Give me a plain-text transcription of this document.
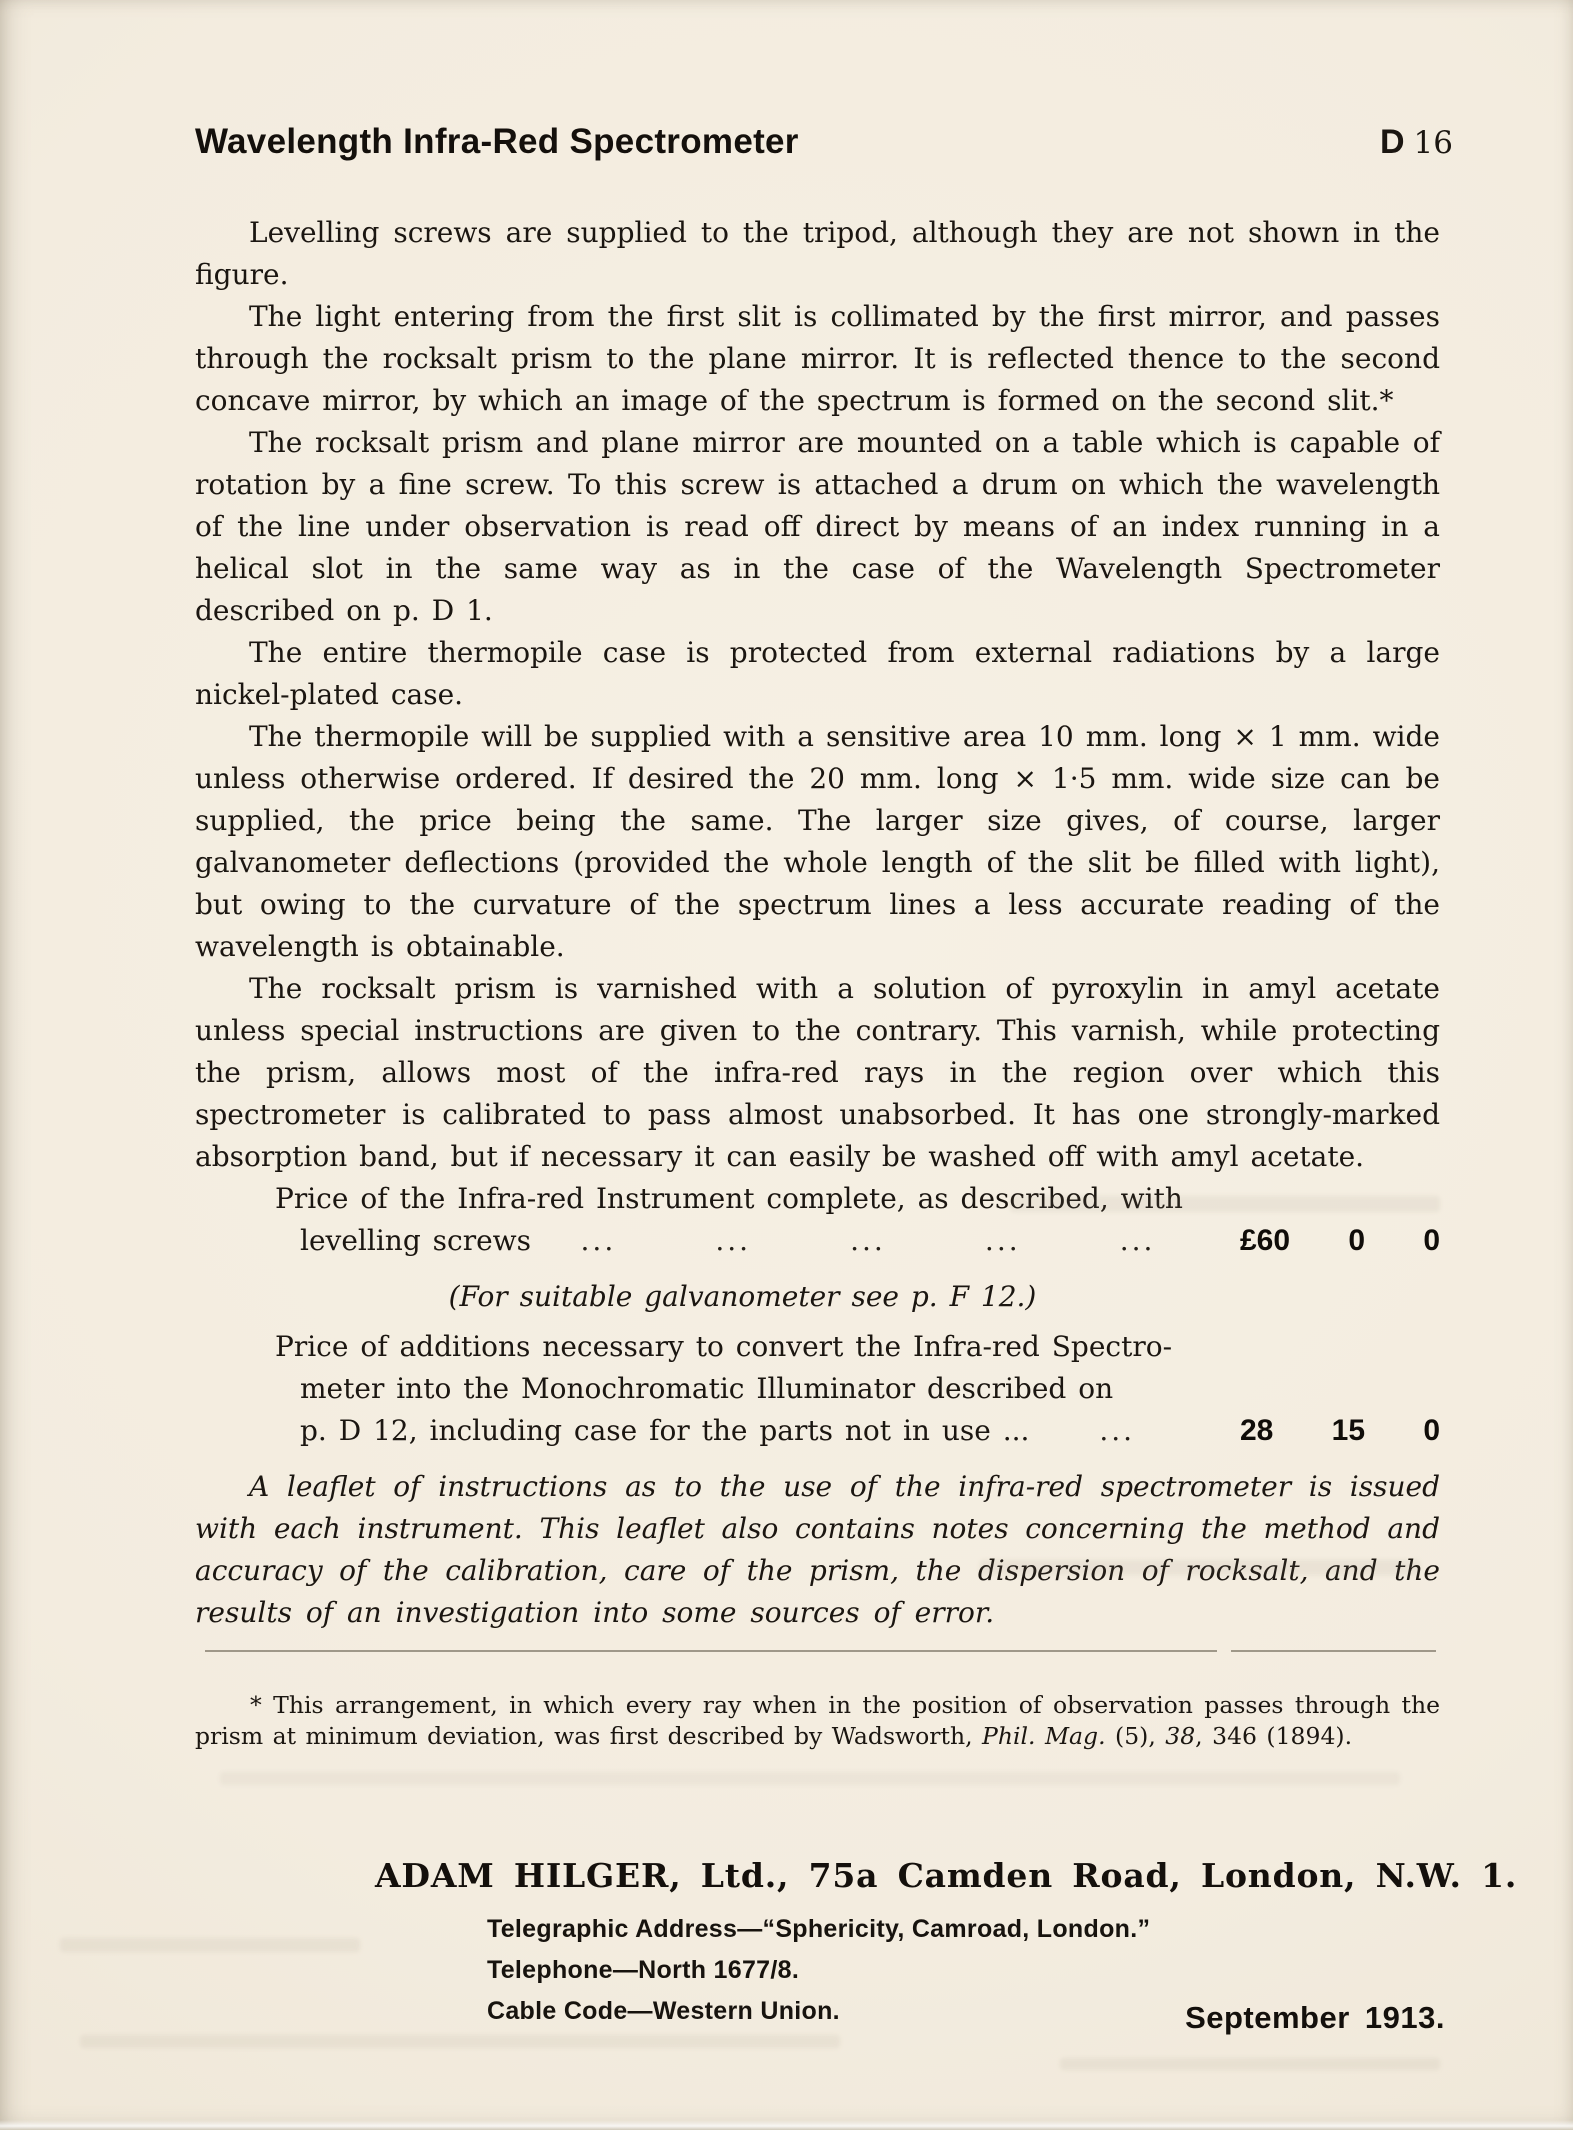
Wavelength Infra-Red Spectrometer	D 16

Levelling screws are supplied to the tripod, although they are not shown in the figure.

The light entering from the first slit is collimated by the first mirror, and passes through the rocksalt prism to the plane mirror. It is reflected thence to the second concave mirror, by which an image of the spectrum is formed on the second slit.*

The rocksalt prism and plane mirror are mounted on a table which is capable of rotation by a fine screw. To this screw is attached a drum on which the wavelength of the line under observation is read off direct by means of an index running in a helical slot in the same way as in the case of the Wavelength Spectrometer described on p. D 1.

The entire thermopile case is protected from external radiations by a large nickel-plated case.

The thermopile will be supplied with a sensitive area 10 mm. long × 1 mm. wide unless otherwise ordered. If desired the 20 mm. long × 1·5 mm. wide size can be supplied, the price being the same. The larger size gives, of course, larger galvanometer deflections (provided the whole length of the slit be filled with light), but owing to the curvature of the spectrum lines a less accurate reading of the wavelength is obtainable.

The rocksalt prism is varnished with a solution of pyroxylin in amyl acetate unless special instructions are given to the contrary. This varnish, while protecting the prism, allows most of the infra-red rays in the region over which this spectrometer is calibrated to pass almost unabsorbed. It has one strongly-marked absorption band, but if necessary it can easily be washed off with amyl acetate.

Price of the Infra-red Instrument complete, as described, with
levelling screws	...	...	...	...	...	£60 0 0
(For suitable galvanometer see p. F 12.)
Price of additions necessary to convert the Infra-red Spectro-
meter into the Monochromatic Illuminator described on
p. D 12, including case for the parts not in use ...	...	28 15 0

A leaflet of instructions as to the use of the infra-red spectrometer is issued with each instrument. This leaflet also contains notes concerning the method and accuracy of the calibration, care of the prism, the dispersion of rocksalt, and the results of an investigation into some sources of error.

* This arrangement, in which every ray when in the position of observation passes through the prism at minimum deviation, was first described by Wadsworth, Phil. Mag. (5), 38, 346 (1894).

ADAM HILGER, Ltd., 75a Camden Road, London, N.W. 1.
Telegraphic Address—“Sphericity, Camroad, London.”
Telephone—North 1677/8.
Cable Code—Western Union.	September 1913.
